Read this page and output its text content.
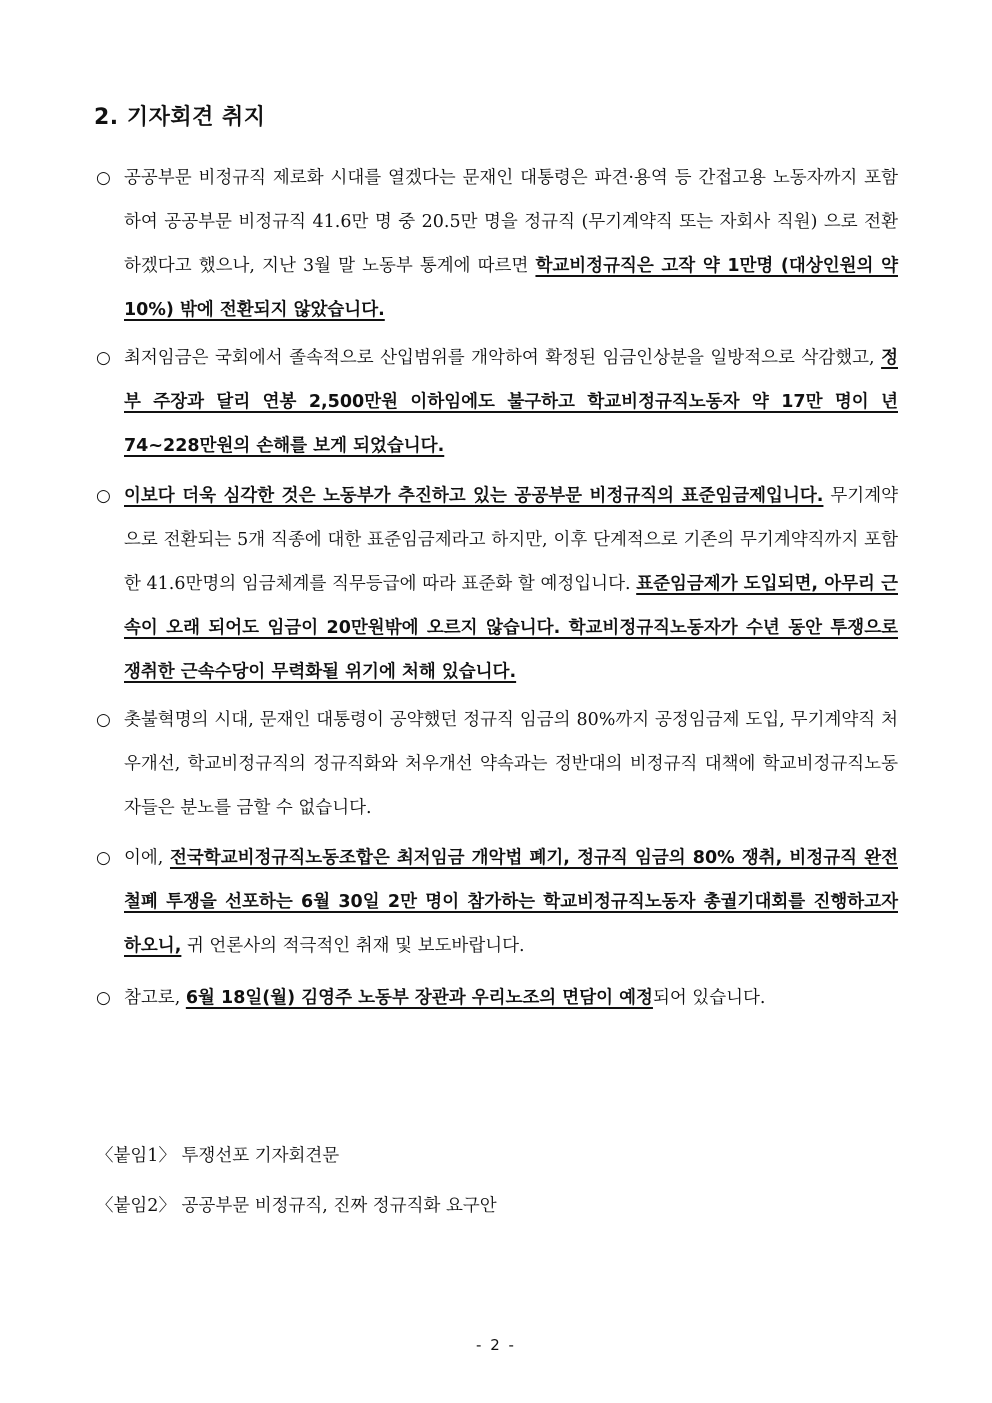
2. 기자회견 취지
○ 공공부문 비정규직 제로화 시대를 열겠다는 문재인 대통령은 파견·용역 등 간접고용 노동자까지 포함하여 공공부문 비정규직 41.6만 명 중 20.5만 명을 정규직 (무기계약직 또는 자회사 직원) 으로 전환하겠다고 했으나, 지난 3월 말 노동부 통계에 따르면 학교비정규직은 고작 약 1만명 (대상인원의 약 10%) 밖에 전환되지 않았습니다.
○ 최저임금은 국회에서 졸속적으로 산입범위를 개악하여 확정된 임금인상분을 일방적으로 삭감했고, 정부 주장과 달리 연봉 2,500만원 이하임에도 불구하고 학교비정규직노동자 약 17만 명이 년 74~228만원의 손해를 보게 되었습니다.
○ 이보다 더욱 심각한 것은 노동부가 추진하고 있는 공공부문 비정규직의 표준임금제입니다. 무기계약으로 전환되는 5개 직종에 대한 표준임금제라고 하지만, 이후 단계적으로 기존의 무기계약직까지 포함한 41.6만명의 임금체계를 직무등급에 따라 표준화 할 예정입니다. 표준임금제가 도입되면, 아무리 근속이 오래 되어도 임금이 20만원밖에 오르지 않습니다. 학교비정규직노동자가 수년 동안 투쟁으로 쟁취한 근속수당이 무력화될 위기에 처해 있습니다.
○ 촛불혁명의 시대, 문재인 대통령이 공약했던 정규직 임금의 80%까지 공정임금제 도입, 무기계약직 처우개선, 학교비정규직의 정규직화와 처우개선 약속과는 정반대의 비정규직 대책에 학교비정규직노동자들은 분노를 금할 수 없습니다.
○ 이에, 전국학교비정규직노동조합은 최저임금 개악법 폐기, 정규직 임금의 80% 쟁취, 비정규직 완전철폐 투쟁을 선포하는 6월 30일 2만 명이 참가하는 학교비정규직노동자 총궐기대회를 진행하고자 하오니, 귀 언론사의 적극적인 취재 및 보도바랍니다.
○ 참고로, 6월 18일(월) 김영주 노동부 장관과 우리노조의 면담이 예정되어 있습니다.
〈붙임1〉 투쟁선포 기자회견문
〈붙임2〉 공공부문 비정규직, 진짜 정규직화 요구안
- 2 -
